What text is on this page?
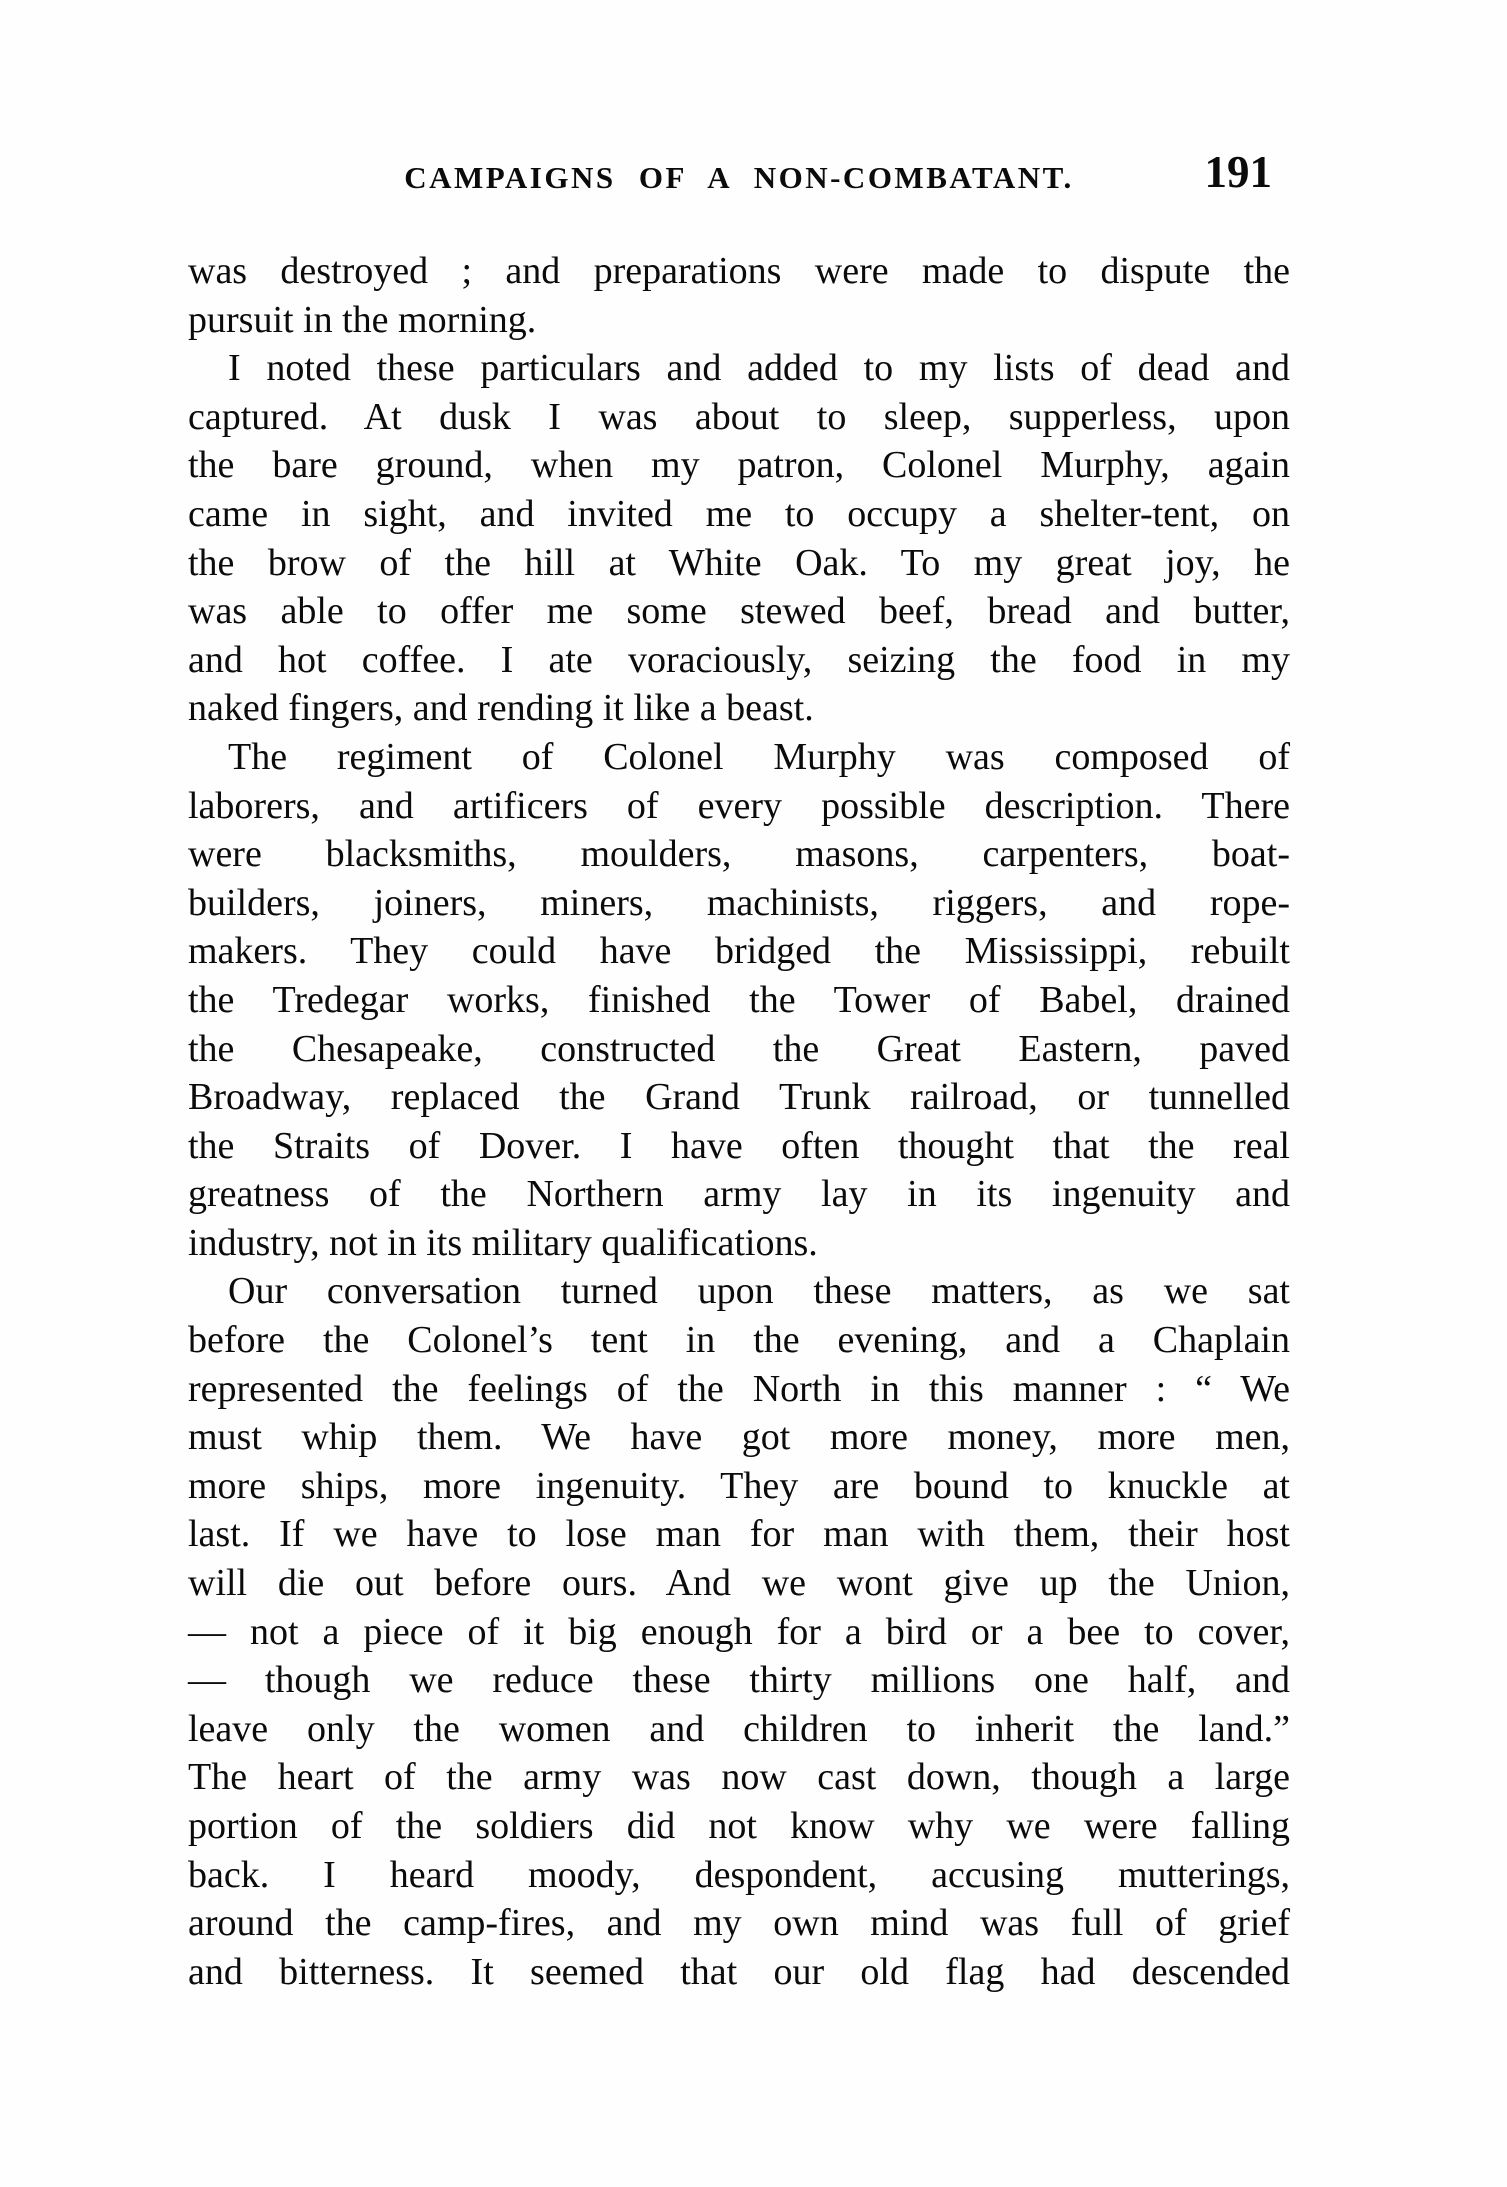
CAMPAIGNS OF A NON-COMBATANT.	191
was destroyed ; and preparations were made to dispute the
pursuit in the morning.
I noted these particulars and added to my lists of dead and
captured. At dusk I was about to sleep, supperless, upon
the bare ground, when my patron, Colonel Murphy, again
came in sight, and invited me to occupy a shelter-tent, on
the brow of the hill at White Oak. To my great joy, he
was able to offer me some stewed beef, bread and butter,
and hot coffee. I ate voraciously, seizing the food in my
naked fingers, and rending it like a beast.
The regiment of Colonel Murphy was composed of
laborers, and artificers of every possible description. There
were blacksmiths, moulders, masons, carpenters, boat-
builders, joiners, miners, machinists, riggers, and rope-
makers. They could have bridged the Mississippi, rebuilt
the Tredegar works, finished the Tower of Babel, drained
the Chesapeake, constructed the Great Eastern, paved
Broadway, replaced the Grand Trunk railroad, or tunnelled
the Straits of Dover. I have often thought that the real
greatness of the Northern army lay in its ingenuity and
industry, not in its military qualifications.
Our conversation turned upon these matters, as we sat
before the Colonel’s tent in the evening, and a Chaplain
represented the feelings of the North in this manner : “ We
must whip them. We have got more money, more men,
more ships, more ingenuity. They are bound to knuckle at
last. If we have to lose man for man with them, their host
will die out before ours. And we wont give up the Union,
— not a piece of it big enough for a bird or a bee to cover,
— though we reduce these thirty millions one half, and
leave only the women and children to inherit the land.”
The heart of the army was now cast down, though a large
portion of the soldiers did not know why we were falling
back. I heard moody, despondent, accusing mutterings,
around the camp-fires, and my own mind was full of grief
and bitterness. It seemed that our old flag had descended
